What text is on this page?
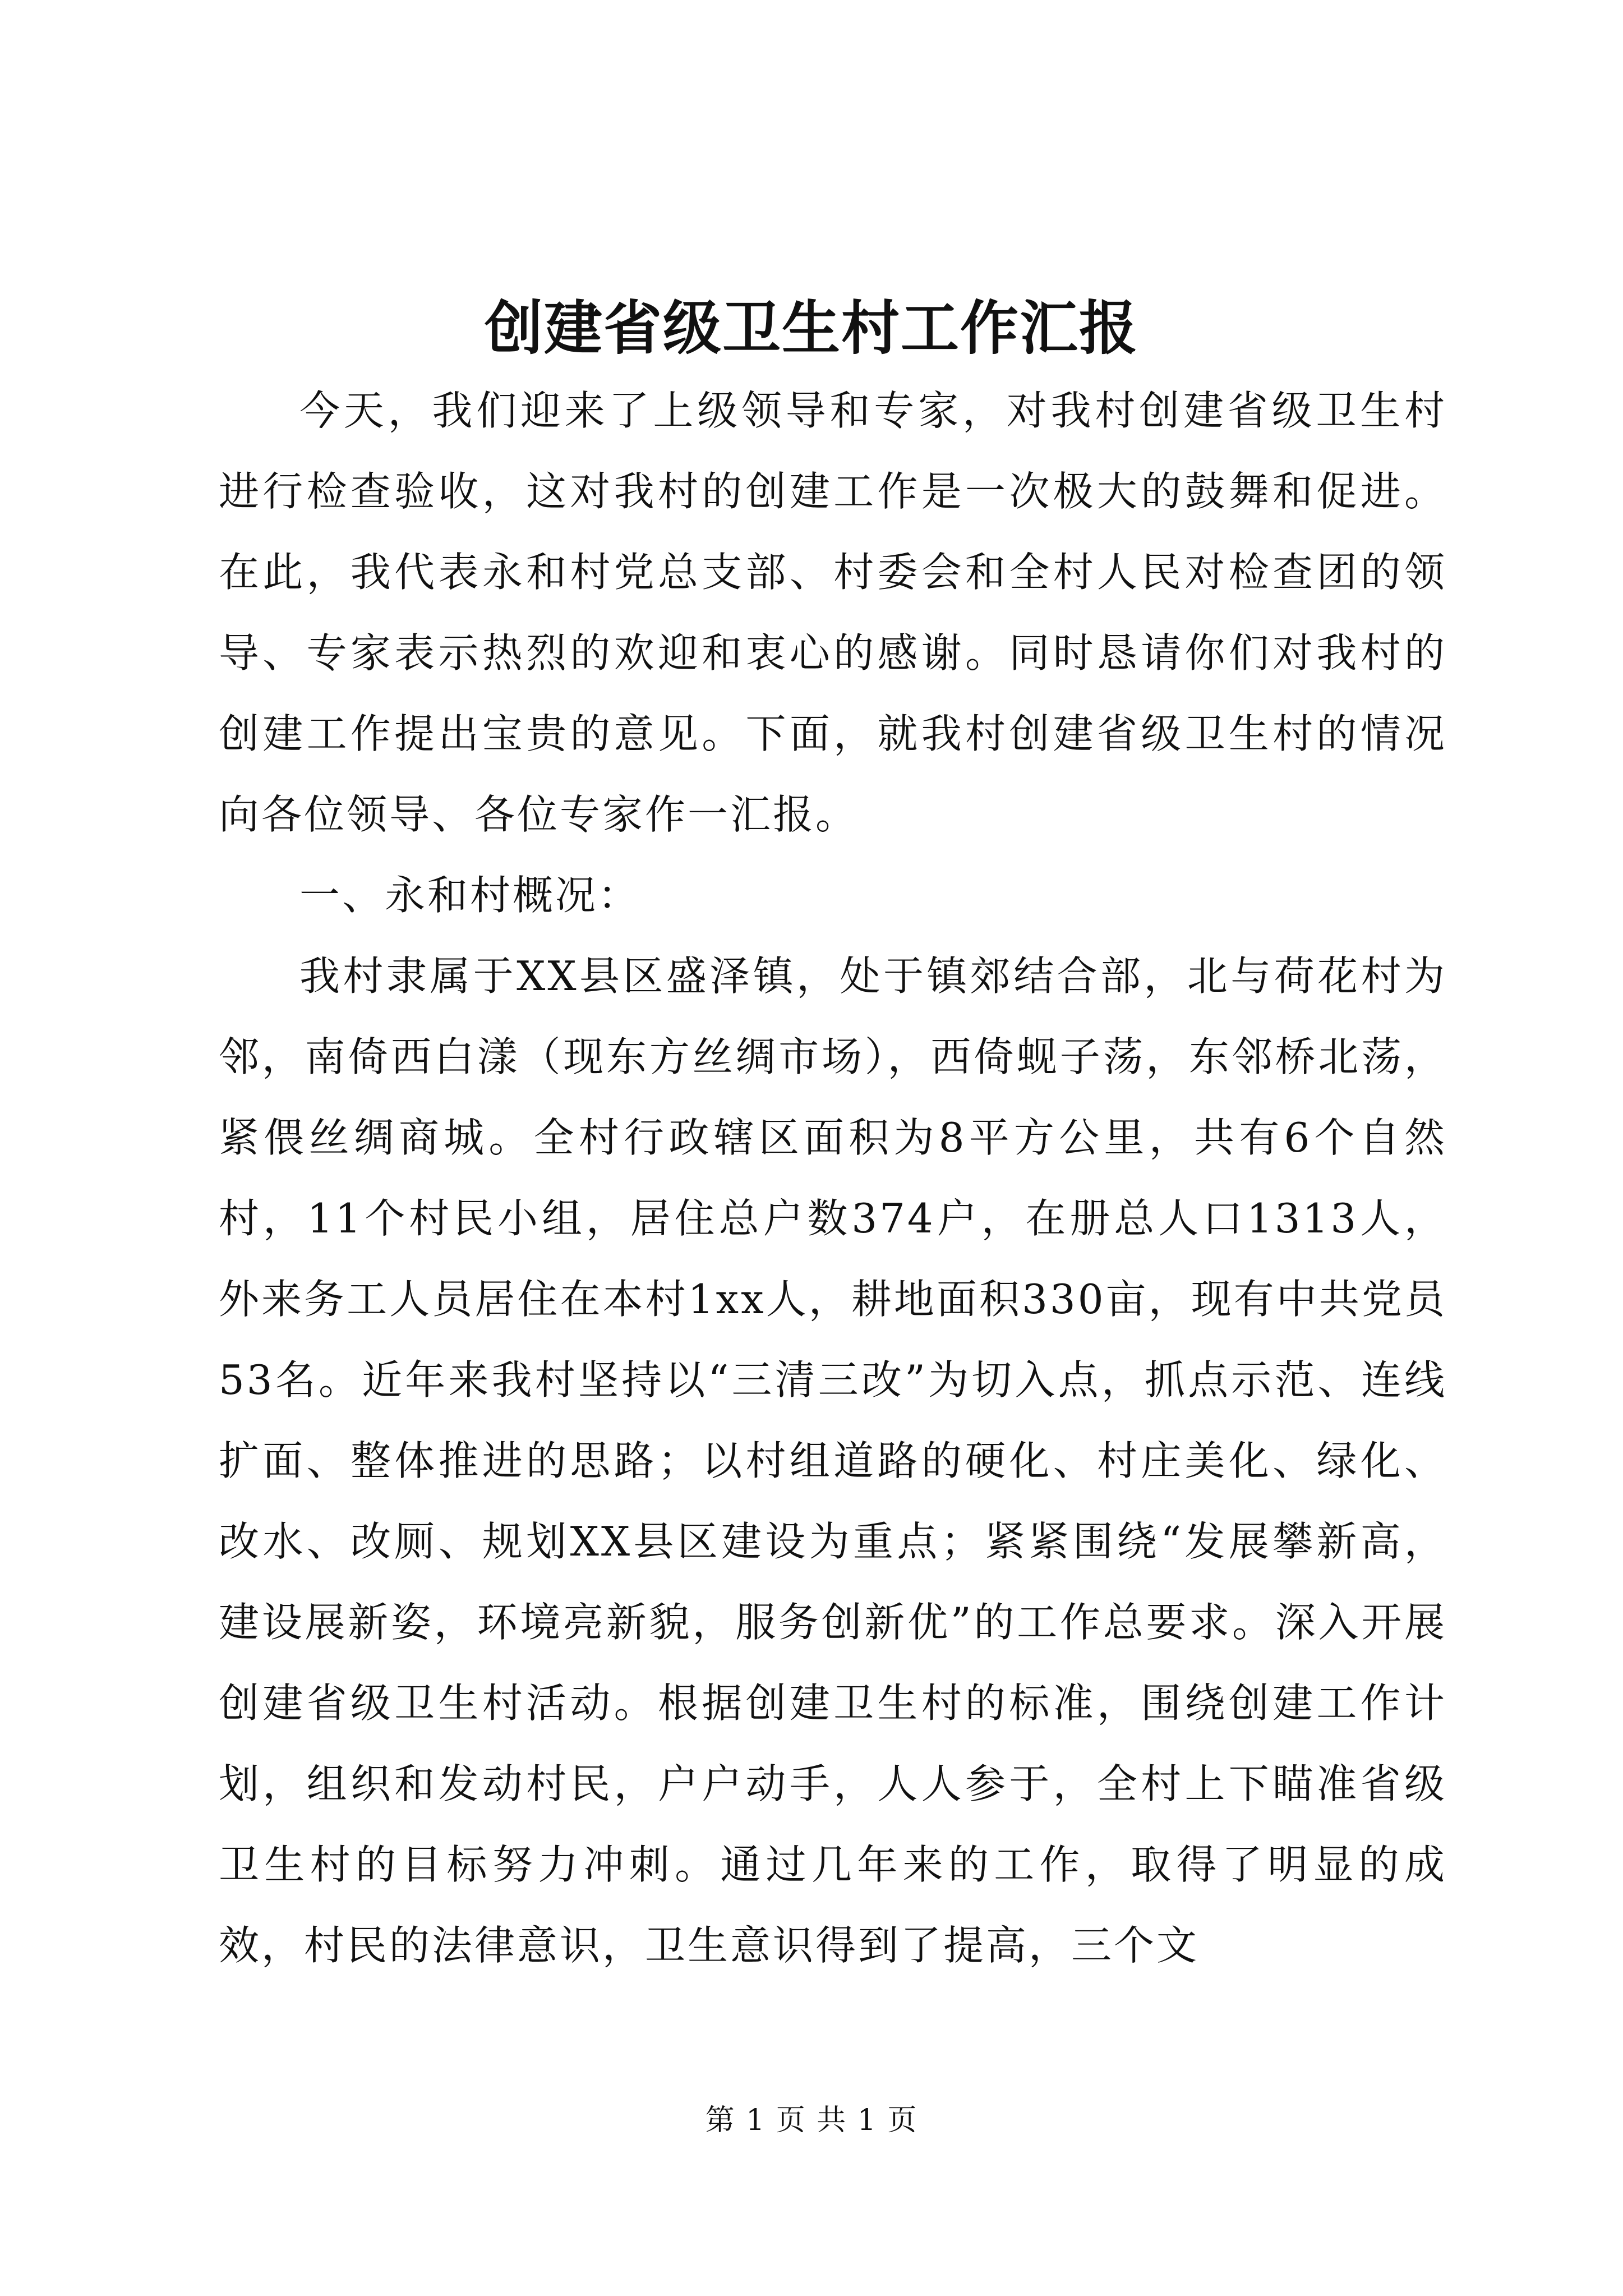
创建省级卫生村工作汇报

今天，我们迎来了上级领导和专家，对我村创建省级卫生村进行检查验收，这对我村的创建工作是一次极大的鼓舞和促进。在此，我代表永和村党总支部、村委会和全村人民对检查团的领导、专家表示热烈的欢迎和衷心的感谢。同时恳请你们对我村的创建工作提出宝贵的意见。下面，就我村创建省级卫生村的情况向各位领导、各位专家作一汇报。

一、永和村概况：

我村隶属于XX县区盛泽镇，处于镇郊结合部，北与荷花村为邻，南倚西白漾（现东方丝绸市场），西倚蚬子荡，东邻桥北荡，紧偎丝绸商城。全村行政辖区面积为8平方公里，共有6个自然村，11个村民小组，居住总户数374户，在册总人口1313人，外来务工人员居住在本村1xx人，耕地面积330亩，现有中共党员53名。近年来我村坚持以“三清三改”为切入点，抓点示范、连线扩面、整体推进的思路；以村组道路的硬化、村庄美化、绿化、改水、改厕、规划XX县区建设为重点；紧紧围绕“发展攀新高，建设展新姿，环境亮新貌，服务创新优”的工作总要求。深入开展创建省级卫生村活动。根据创建卫生村的标准，围绕创建工作计划，组织和发动村民，户户动手，人人参于，全村上下瞄准省级卫生村的目标努力冲刺。通过几年来的工作，取得了明显的成效，村民的法律意识，卫生意识得到了提高，三个文

第 1 页 共 1 页
